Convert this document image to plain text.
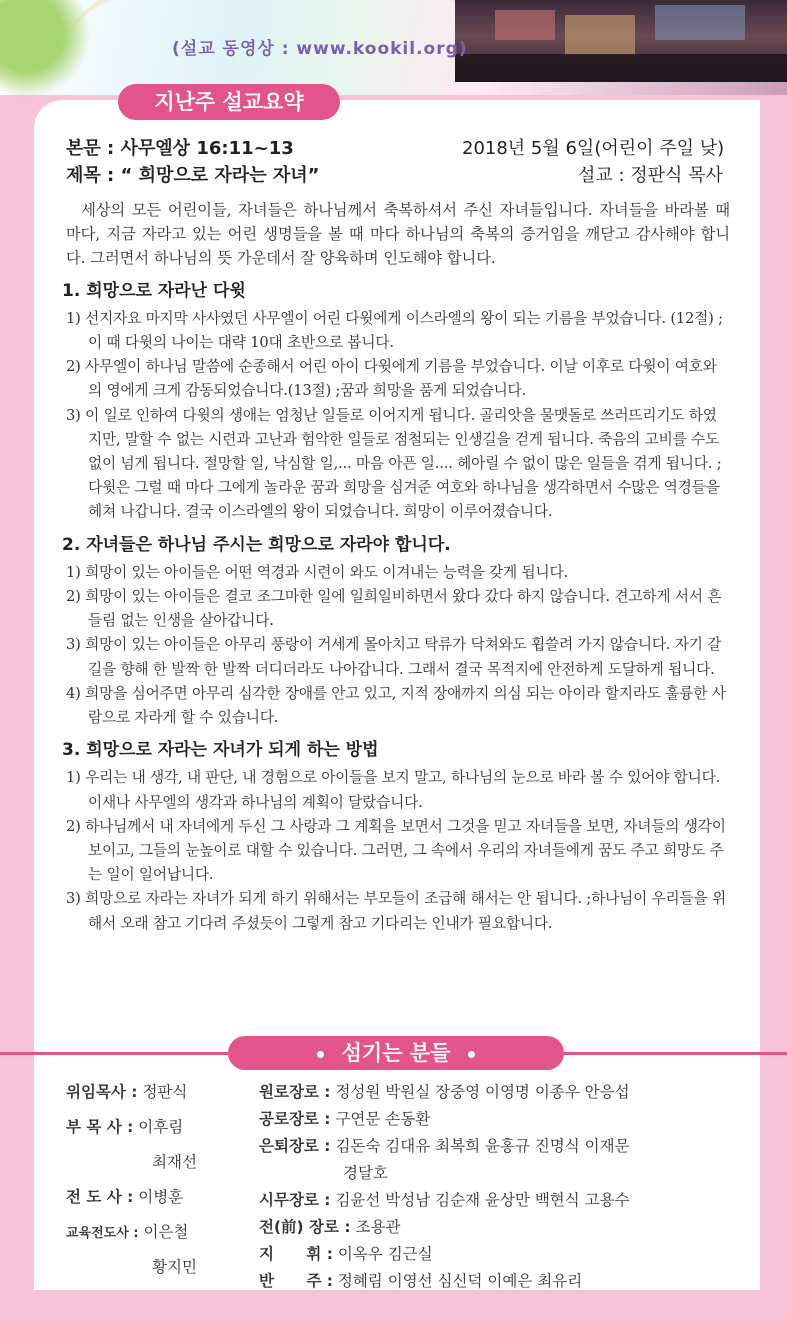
(설교 동영상 : www.kookil.org)
지난주 설교요약
본문 : 사무엘상 16:11~13	2018년 5월 6일(어린이 주일 낮)
제목 : “ 희망으로 자라는 자녀”	설교 : 정판식 목사

세상의 모든 어린이들, 자녀들은 하나님께서 축복하셔서 주신 자녀들입니다. 자녀들을 바라볼 때 마다, 지금 자라고 있는 어린 생명들을 볼 때 마다 하나님의 축복의 증거임을 깨닫고 감사해야 합니다. 그러면서 하나님의 뜻 가운데서 잘 양육하며 인도해야 합니다.

1. 희망으로 자라난 다윗

1) 선지자요 마지막 사사였던 사무엘이 어린 다윗에게 이스라엘의 왕이 되는 기름을 부었습니다. (12절) ;이 때 다윗의 나이는 대략 10대 초반으로 봅니다.

2) 사무엘이 하나님 말씀에 순종해서 어린 아이 다윗에게 기름을 부었습니다. 이날 이후로 다윗이 여호와의 영에게 크게 감동되었습니다.(13절) ;꿈과 희망을 품게 되었습니다.

3) 이 일로 인하여 다윗의 생애는 엄청난 일들로 이어지게 됩니다. 골리앗을 물맷돌로 쓰러뜨리기도 하였지만, 말할 수 없는 시련과 고난과 험악한 일들로 점철되는 인생길을 걷게 됩니다. 죽음의 고비를 수도 없이 넘게 됩니다. 절망할 일, 낙심할 일,... 마음 아픈 일.... 헤아릴 수 없이 많은 일들을 겪게 됩니다. ;다윗은 그럴 때 마다 그에게 놀라운 꿈과 희망을 심겨준 여호와 하나님을 생각하면서 수많은 역경들을 헤쳐 나갑니다. 결국 이스라엘의 왕이 되었습니다. 희망이 이루어졌습니다.

2. 자녀들은 하나님 주시는 희망으로 자라야 합니다.

1) 희망이 있는 아이들은 어떤 역경과 시련이 와도 이겨내는 능력을 갖게 됩니다.

2) 희망이 있는 아이들은 결코 조그마한 일에 일희일비하면서 왔다 갔다 하지 않습니다. 견고하게 서서 흔들림 없는 인생을 살아갑니다.

3) 희망이 있는 아이들은 아무리 풍랑이 거세게 몰아치고 탁류가 닥쳐와도 휩쓸려 가지 않습니다. 자기 갈 길을 향해 한 발짝 한 발짝 더디더라도 나아갑니다. 그래서 결국 목적지에 안전하게 도달하게 됩니다.

4) 희망을 심어주면 아무리 심각한 장애를 안고 있고, 지적 장애까지 의심 되는 아이라 할지라도 훌륭한 사람으로 자라게 할 수 있습니다.

3. 희망으로 자라는 자녀가 되게 하는 방법

1) 우리는 내 생각, 내 판단, 내 경험으로 아이들을 보지 말고, 하나님의 눈으로 바라 볼 수 있어야 합니다. 이새나 사무엘의 생각과 하나님의 계획이 달랐습니다.

2) 하나님께서 내 자녀에게 두신 그 사랑과 그 계획을 보면서 그것을 믿고 자녀들을 보면, 자녀들의 생각이 보이고, 그들의 눈높이로 대할 수 있습니다. 그러면, 그 속에서 우리의 자녀들에게 꿈도 주고 희망도 주는 일이 일어납니다.

3) 희망으로 자라는 자녀가 되게 하기 위해서는 부모들이 조급해 해서는 안 됩니다. ;하나님이 우리들을 위해서 오래 참고 기다려 주셨듯이 그렇게 참고 기다리는 인내가 필요합니다.

섬기는 분들
위임목사 : 정판식
부 목 사 : 이후림
최재선
전 도 사 : 이병훈
교육전도사 : 이은철
황지민
원로장로 : 정성원 박원실 장중영 이영명 이종우 안응섭
공로장로 : 구연문 손동환
은퇴장로 : 김돈숙 김대유 최복희 윤홍규 진명식 이재문
경달호
시무장로 : 김윤선 박성남 김순재 윤상만 백현식 고용수
전(前) 장로 : 조용관
지      휘 : 이옥우 김근실
반      주 : 정혜림 이영선 심신덕 이예은 최유리
